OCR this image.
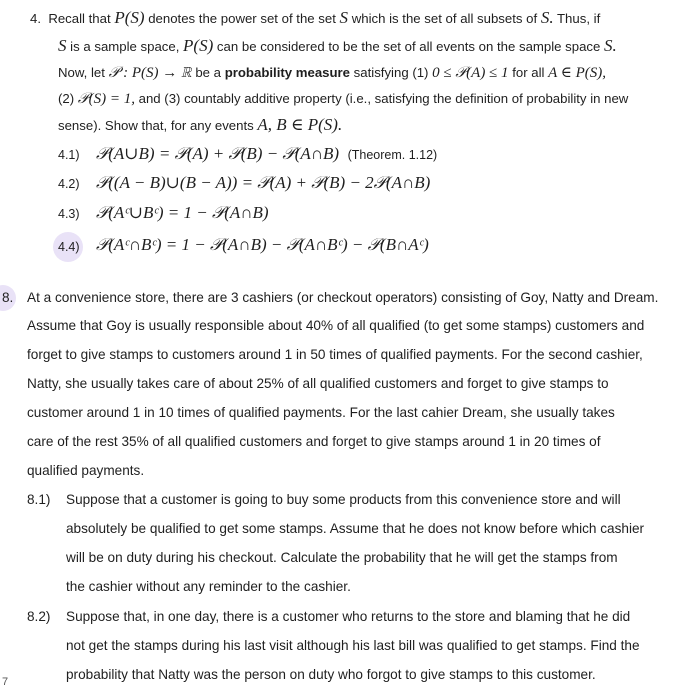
4. Recall that P(S) denotes the power set of the set S which is the set of all subsets of S. Thus, if
S is a sample space, P(S) can be considered to be the set of all events on the sample space S.
Now, let 𝒫 : P(S) → ℝ be a probability measure satisfying (1) 0 ≤ 𝒫(A) ≤ 1 for all A ∈ P(S),
(2) 𝒫(S) = 1, and (3) countably additive property (i.e., satisfying the definition of probability in new
sense). Show that, for any events A, B ∈ P(S).
4.1) 𝒫(A∪B) = 𝒫(A) + 𝒫(B) − 𝒫(A∩B) (Theorem. 1.12)
4.2) 𝒫((A − B)∪(B − A)) = 𝒫(A) + 𝒫(B) − 2𝒫(A∩B)
4.3) 𝒫(Aᶜ∪Bᶜ) = 1 − 𝒫(A∩B)
4.4) 𝒫(Aᶜ∩Bᶜ) = 1 − 𝒫(A∩B) − 𝒫(A∩Bᶜ) − 𝒫(B∩Aᶜ)
8. At a convenience store, there are 3 cashiers (or checkout operators) consisting of Goy, Natty and Dream.
Assume that Goy is usually responsible about 40% of all qualified (to get some stamps) customers and
forget to give stamps to customers around 1 in 50 times of qualified payments. For the second cashier,
Natty, she usually takes care of about 25% of all qualified customers and forget to give stamps to
customer around 1 in 10 times of qualified payments. For the last cahier Dream, she usually takes
care of the rest 35% of all qualified customers and forget to give stamps around 1 in 20 times of
qualified payments.
8.1) Suppose that a customer is going to buy some products from this convenience store and will
absolutely be qualified to get some stamps. Assume that he does not know before which cashier
will be on duty during his checkout. Calculate the probability that he will get the stamps from
the cashier without any reminder to the cashier.
8.2) Suppose that, in one day, there is a customer who returns to the store and blaming that he did
not get the stamps during his last visit although his last bill was qualified to get stamps. Find the
probability that Natty was the person on duty who forgot to give stamps to this customer.
7
